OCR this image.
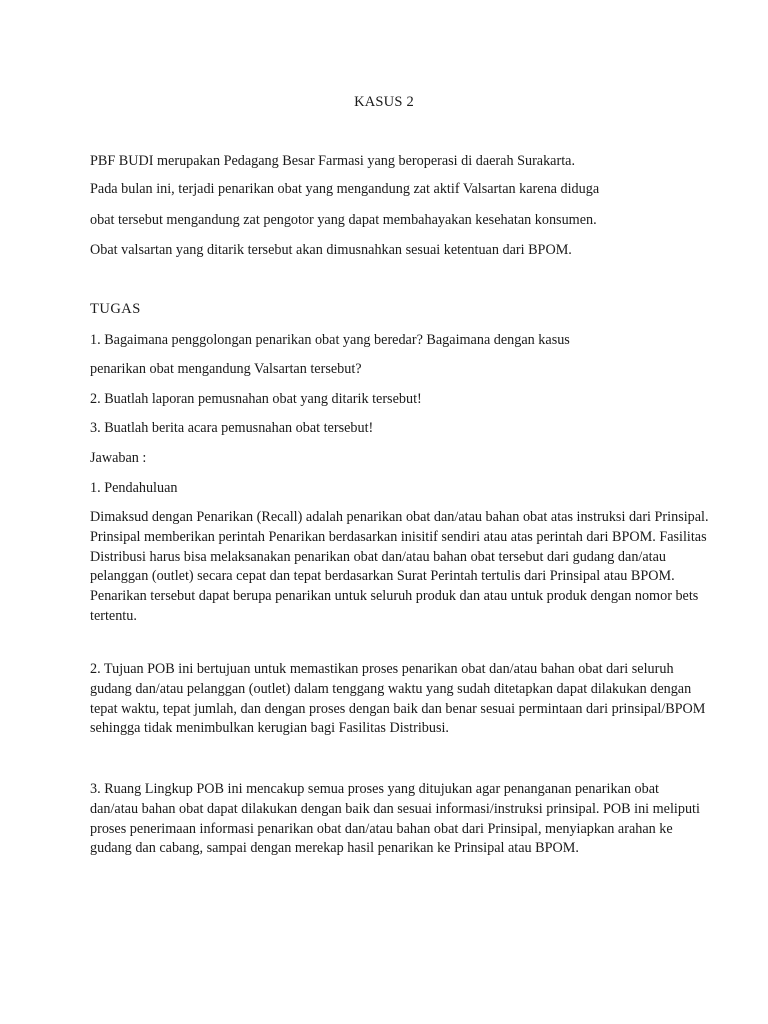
KASUS 2
PBF BUDI merupakan Pedagang Besar Farmasi yang beroperasi di daerah Surakarta.
Pada bulan ini, terjadi penarikan obat yang mengandung zat aktif Valsartan karena diduga
obat tersebut mengandung zat pengotor yang dapat membahayakan kesehatan konsumen.
Obat valsartan yang ditarik tersebut akan dimusnahkan sesuai ketentuan dari BPOM.
TUGAS
1. Bagaimana penggolongan penarikan obat yang beredar? Bagaimana dengan kasus
penarikan obat mengandung Valsartan tersebut?
2. Buatlah laporan pemusnahan obat yang ditarik tersebut!
3. Buatlah berita acara pemusnahan obat tersebut!
Jawaban :
1. Pendahuluan

Dimaksud dengan Penarikan (Recall) adalah penarikan obat dan/atau bahan obat atas instruksi dari Prinsipal. Prinsipal memberikan perintah Penarikan berdasarkan inisitif sendiri atau atas perintah dari BPOM. Fasilitas Distribusi harus bisa melaksanakan penarikan obat dan/atau bahan obat tersebut dari gudang dan/atau pelanggan (outlet) secara cepat dan tepat berdasarkan Surat Perintah tertulis dari Prinsipal atau BPOM. Penarikan tersebut dapat berupa penarikan untuk seluruh produk dan atau untuk produk dengan nomor bets tertentu.

2. Tujuan POB ini bertujuan untuk memastikan proses penarikan obat dan/atau bahan obat dari seluruh gudang dan/atau pelanggan (outlet) dalam tenggang waktu yang sudah ditetapkan dapat dilakukan dengan tepat waktu, tepat jumlah, dan dengan proses dengan baik dan benar sesuai permintaan dari prinsipal/BPOM sehingga tidak menimbulkan kerugian bagi Fasilitas Distribusi.

3. Ruang Lingkup POB ini mencakup semua proses yang ditujukan agar penanganan penarikan obat dan/atau bahan obat dapat dilakukan dengan baik dan sesuai informasi/instruksi prinsipal. POB ini meliputi proses penerimaan informasi penarikan obat dan/atau bahan obat dari Prinsipal, menyiapkan arahan ke gudang dan cabang, sampai dengan merekap hasil penarikan ke Prinsipal atau BPOM.
